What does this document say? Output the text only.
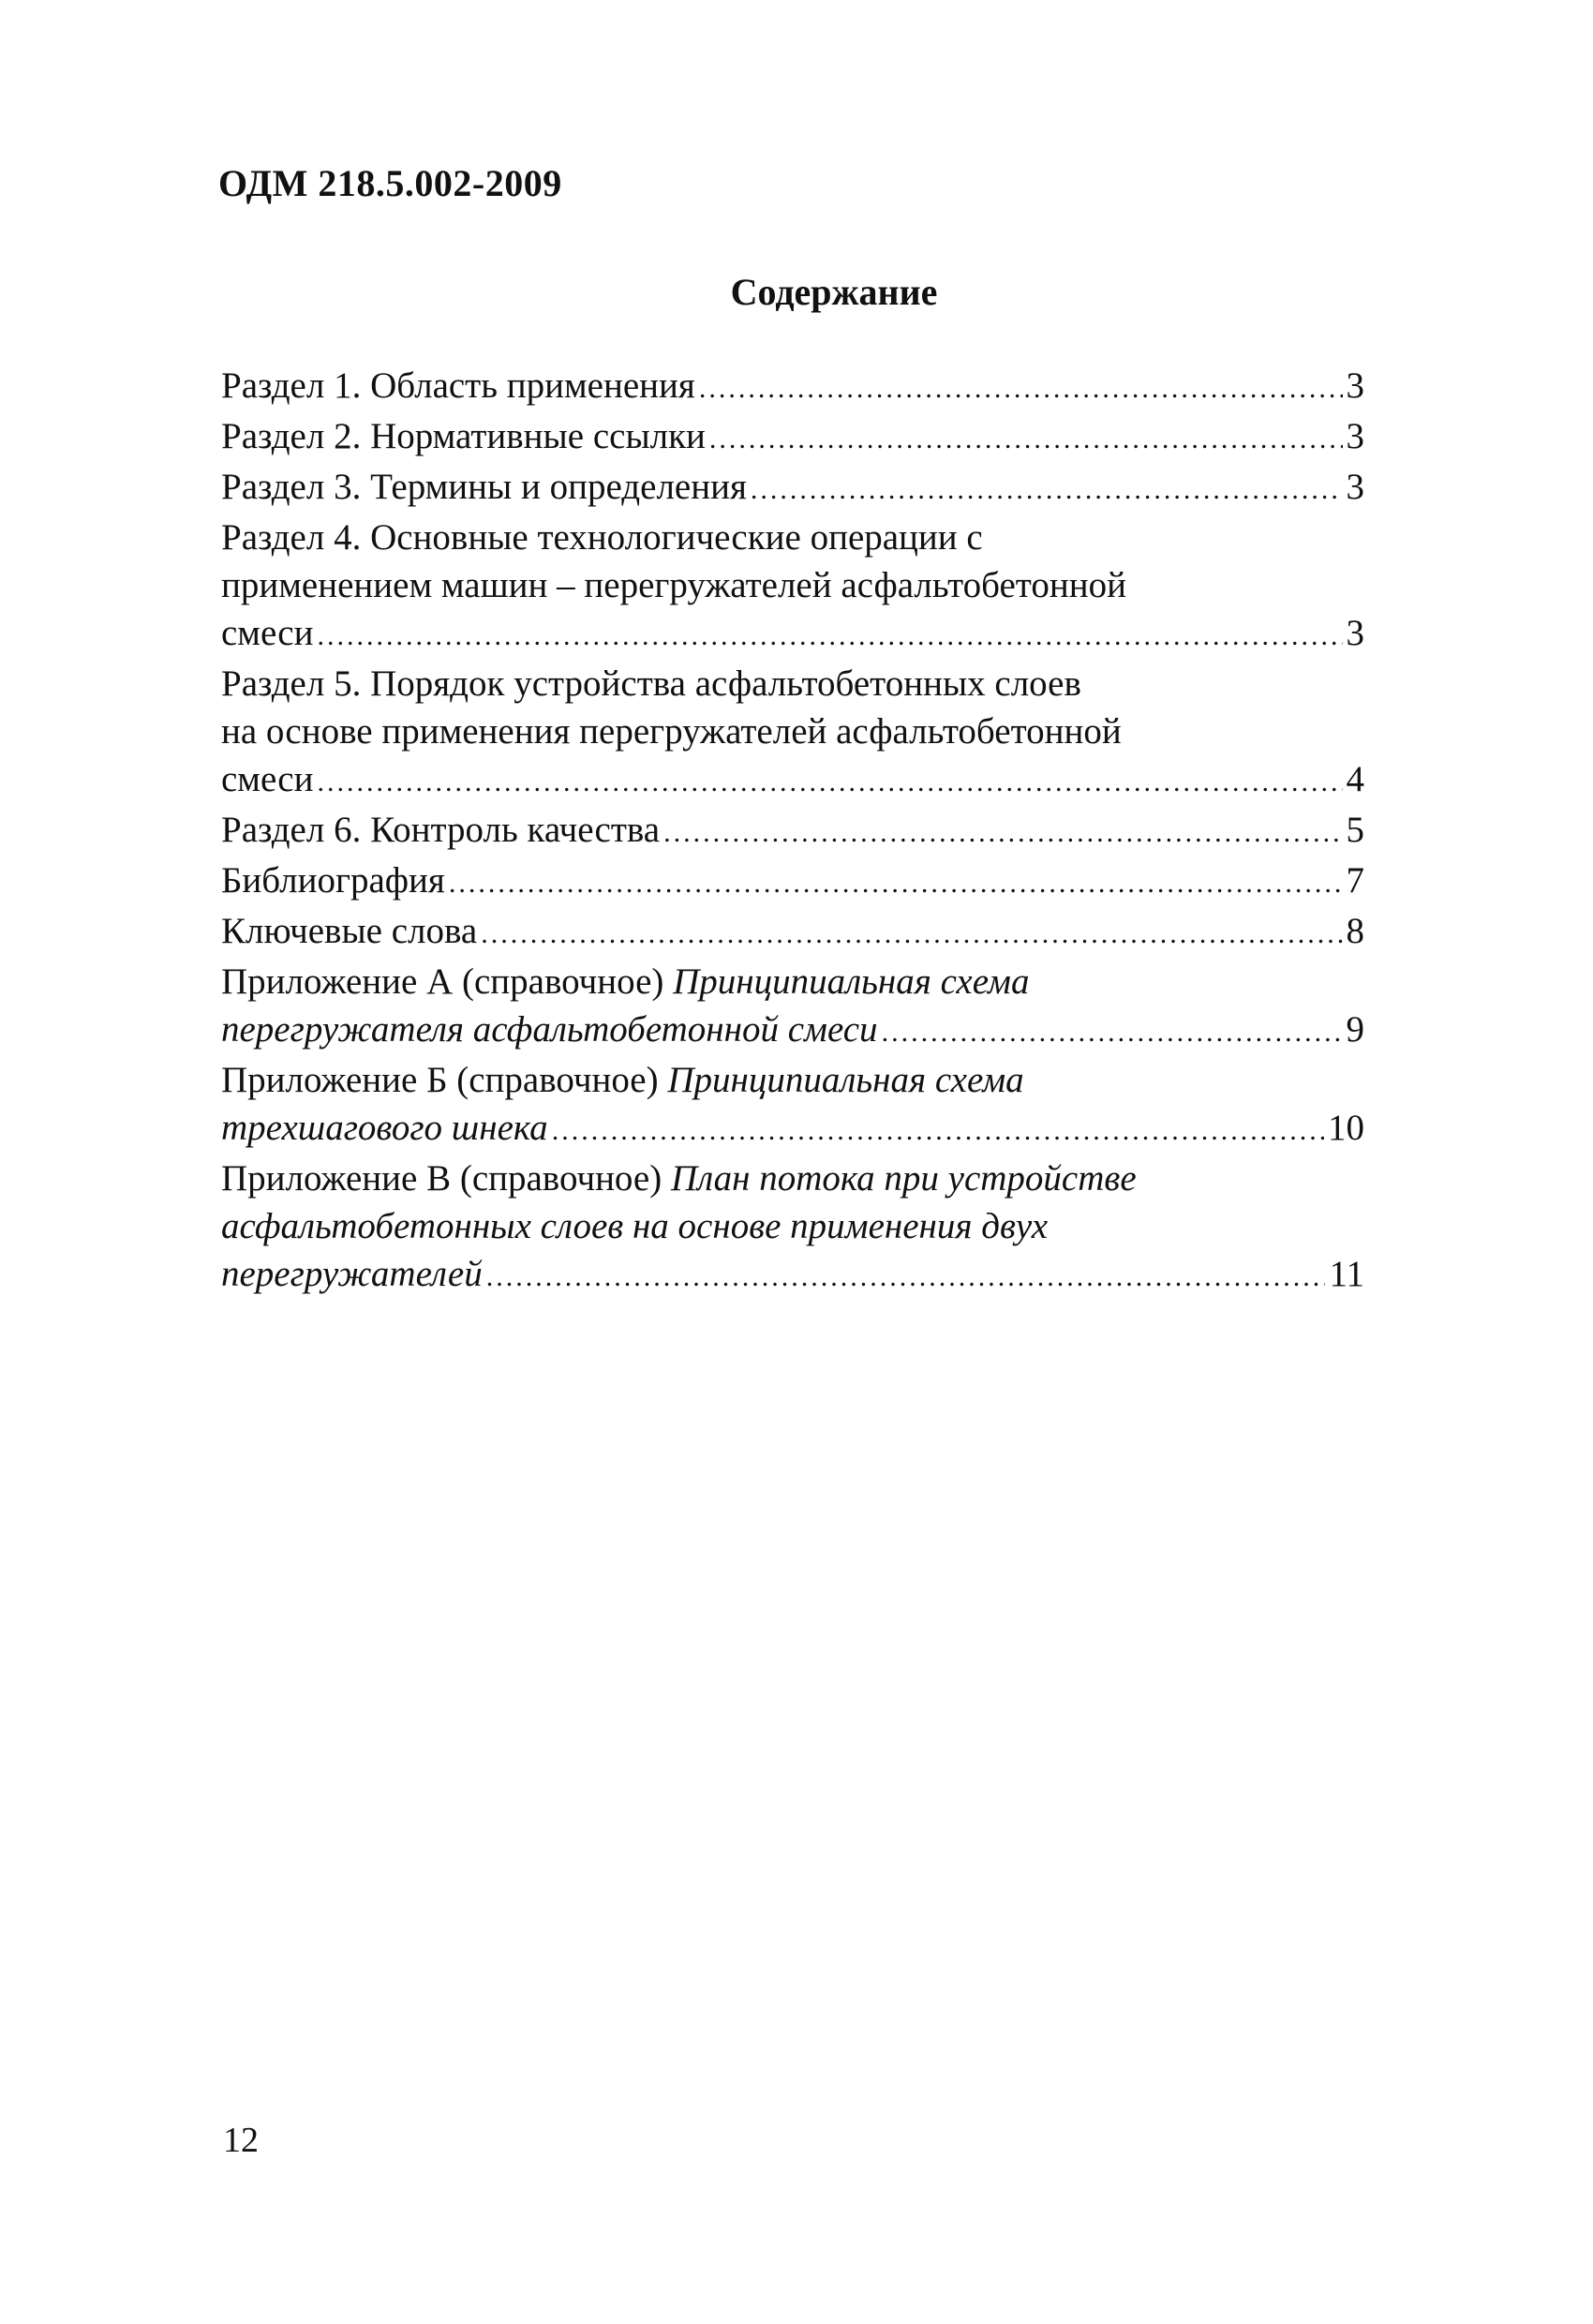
ОДМ 218.5.002-2009
Содержание
Раздел 1. Область применения .....	3
Раздел 2. Нормативные ссылки .....	3
Раздел 3. Термины и определения .....	3
Раздел 4. Основные технологические операции с
применением машин – перегружателей асфальтобетонной
смеси .....	3
Раздел 5. Порядок устройства асфальтобетонных слоев
на основе применения перегружателей асфальтобетонной
смеси .....	4
Раздел 6. Контроль качества .....	5
Библиография .....	7
Ключевые слова .....	8
Приложение А (справочное) Принципиальная схема
перегружателя асфальтобетонной смеси .....	9
Приложение Б (справочное) Принципиальная схема
трехшагового шнека .....	10
Приложение В (справочное) План потока при устройстве
асфальтобетонных слоев на основе применения двух
перегружателей .....	11
12
